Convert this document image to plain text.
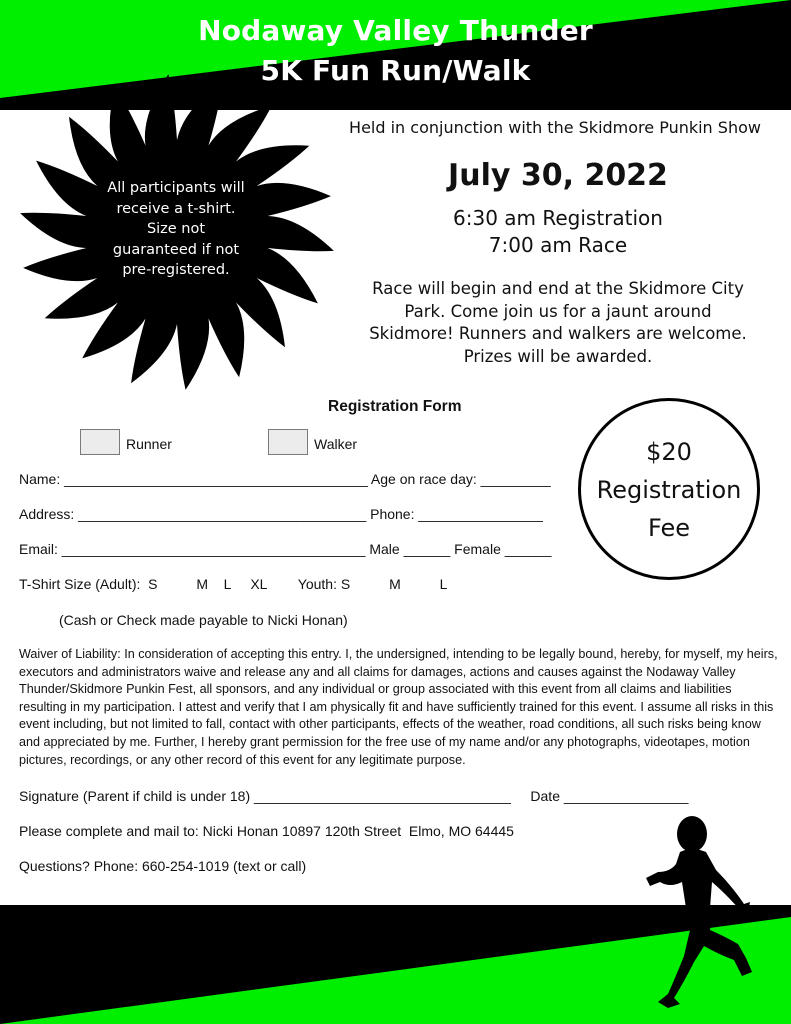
Nodaway Valley Thunder
5K Fun Run/Walk
All participants will
receive a t-shirt.
Size not
guaranteed if not
pre-registered.
Held in conjunction with the Skidmore Punkin Show
July 30, 2022
6:30 am Registration
7:00 am Race
Race will begin and end at the Skidmore City
Park. Come join us for a jaunt around
Skidmore! Runners and walkers are welcome.
Prizes will be awarded.
$20
Registration
Fee
Registration Form
Runner	Walker
Name: _______________________________________ Age on race day: _________
Address: _____________________________________ Phone: ________________
Email: _______________________________________ Male ______ Female ______
T-Shirt Size (Adult):  S          M    L     XL        Youth: S          M          L
(Cash or Check made payable to Nicki Honan)
Waiver of Liability: In consideration of accepting this entry. I, the undersigned, intending to be legally bound, hereby, for myself, my heirs, executors and administrators waive and release any and all claims for damages, actions and causes against the Nodaway Valley Thunder/Skidmore Punkin Fest, all sponsors, and any individual or group associated with this event from all claims and liabilities resulting in my participation. I attest and verify that I am physically fit and have sufficiently trained for this event. I assume all risks in this event including, but not limited to fall, contact with other participants, effects of the weather, road conditions, all such risks being know and appreciated by me. Further, I hereby grant permission for the free use of my name and/or any photographs, videotapes, motion pictures, recordings, or any other record of this event for any legitimate purpose.
Signature (Parent if child is under 18) _________________________________     Date ________________
Please complete and mail to: Nicki Honan 10897 120th Street  Elmo, MO 64445
Questions? Phone: 660-254-1019 (text or call)
